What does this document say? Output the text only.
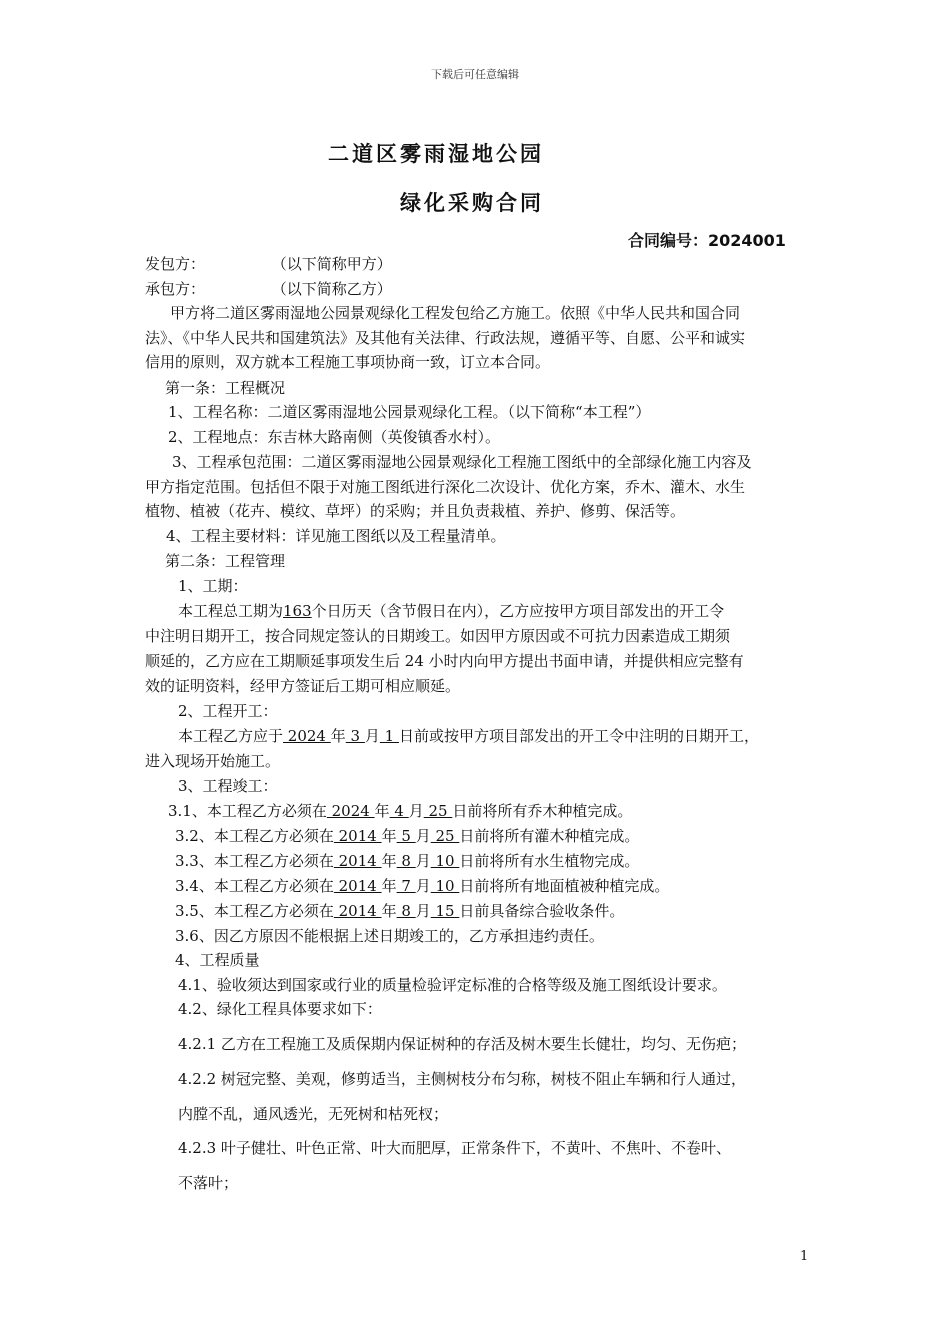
下载后可任意编辑
二道区雾雨湿地公园
绿化采购合同
合同编号：2024001
发包方：              （以下简称甲方）
承包方：              （以下简称乙方）
甲方将二道区雾雨湿地公园景观绿化工程发包给乙方施工。依照《中华人民共和国合同
法》、《中华人民共和国建筑法》及其他有关法律、行政法规，遵循平等、自愿、公平和诚实
信用的原则，双方就本工程施工事项协商一致，订立本合同。
第一条：工程概况
1、工程名称：二道区雾雨湿地公园景观绿化工程。（以下简称“本工程”）
2、工程地点：东吉林大路南侧（英俊镇香水村）。
3、工程承包范围：二道区雾雨湿地公园景观绿化工程施工图纸中的全部绿化施工内容及
甲方指定范围。包括但不限于对施工图纸进行深化二次设计、优化方案，乔木、灌木、水生
植物、植被（花卉、模纹、草坪）的采购；并且负责栽植、养护、修剪、保活等。
4、工程主要材料：详见施工图纸以及工程量清单。
第二条：工程管理
1、工期：
本工程总工期为163个日历天（含节假日在内），乙方应按甲方项目部发出的开工令
中注明日期开工，按合同规定签认的日期竣工。如因甲方原因或不可抗力因素造成工期须
顺延的，乙方应在工期顺延事项发生后 24 小时内向甲方提出书面申请，并提供相应完整有
效的证明资料，经甲方签证后工期可相应顺延。
2、工程开工：
本工程乙方应于 2024 年 3 月 1 日前或按甲方项目部发出的开工令中注明的日期开工，
进入现场开始施工。
3、工程竣工：
3.1、本工程乙方必须在 2024 年 4 月 25 日前将所有乔木种植完成。
3.2、本工程乙方必须在 2014 年 5 月 25 日前将所有灌木种植完成。
3.3、本工程乙方必须在 2014 年 8 月 10 日前将所有水生植物完成。
3.4、本工程乙方必须在 2014 年 7 月 10 日前将所有地面植被种植完成。
3.5、本工程乙方必须在 2014 年 8 月 15 日前具备综合验收条件。
3.6、因乙方原因不能根据上述日期竣工的，乙方承担违约责任。
4、工程质量
4.1、验收须达到国家或行业的质量检验评定标准的合格等级及施工图纸设计要求。
4.2、绿化工程具体要求如下：
4.2.1 乙方在工程施工及质保期内保证树种的存活及树木要生长健壮，均匀、无伤疤；
4.2.2 树冠完整、美观，修剪适当，主侧树枝分布匀称，树枝不阻止车辆和行人通过，
内膛不乱，通风透光，无死树和枯死杈；
4.2.3 叶子健壮、叶色正常、叶大而肥厚，正常条件下，不黄叶、不焦叶、不卷叶、
不落叶；
1
